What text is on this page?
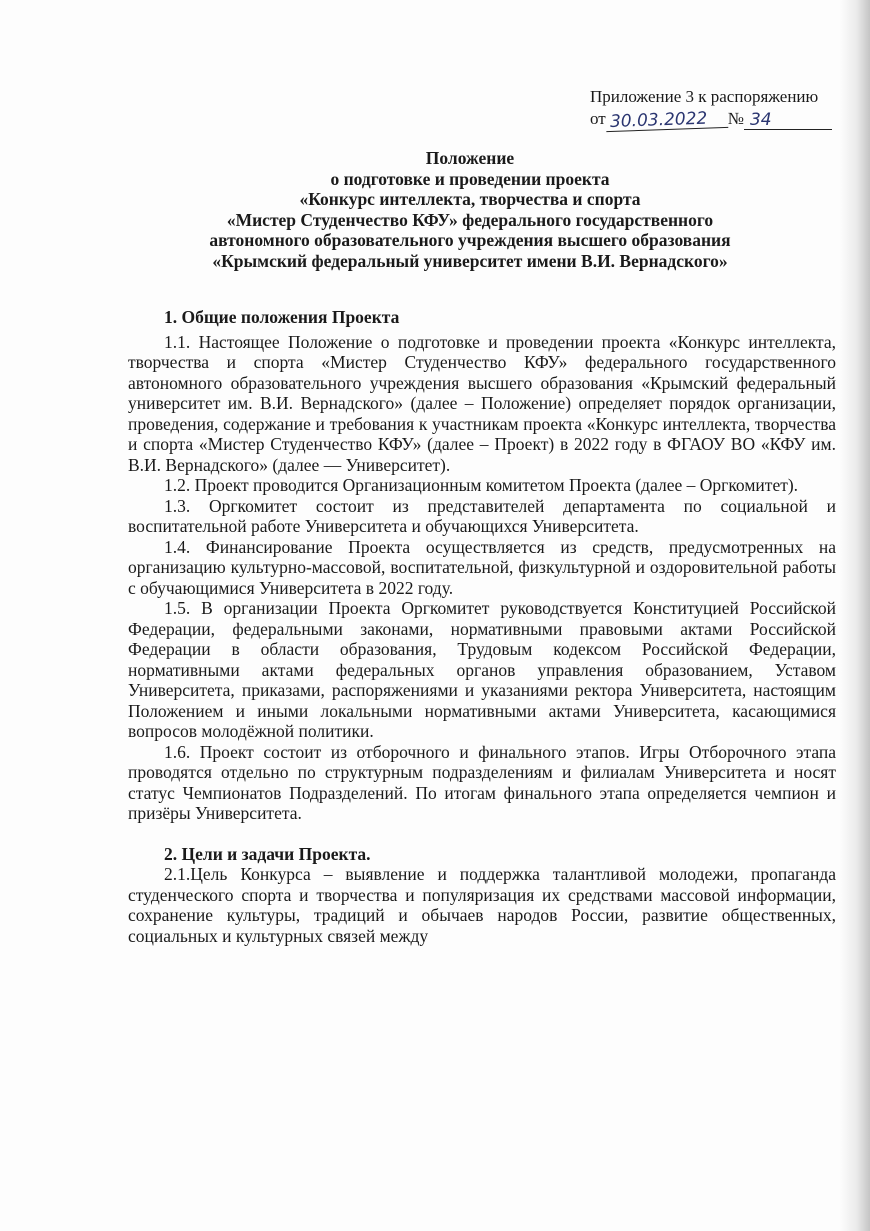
Приложение 3 к распоряжению
от 30.03.2022	№ 34
Положение
о подготовке и проведении проекта
«Конкурс интеллекта, творчества и спорта
«Мистер Студенчество КФУ» федерального государственного
автономного образовательного учреждения высшего образования
«Крымский федеральный университет имени В.И. Вернадского»

1. Общие положения Проекта

1.1. Настоящее Положение о подготовке и проведении проекта «Конкурс интеллекта, творчества и спорта «Мистер Студенчество КФУ» федерального государственного автономного образовательного учреждения высшего образования «Крымский федеральный университет им. В.И. Вернадского» (далее – Положение) определяет порядок организации, проведения, содержание и требования к участникам проекта «Конкурс интеллекта, творчества и спорта «Мистер Студенчество КФУ» (далее – Проект) в 2022 году в ФГАОУ ВО «КФУ им. В.И. Вернадского» (далее — Университет).

1.2. Проект проводится Организационным комитетом Проекта (далее – Оргкомитет).

1.3. Оргкомитет состоит из представителей департамента по социальной и воспитательной работе Университета и обучающихся Университета.

1.4. Финансирование Проекта осуществляется из средств, предусмотренных на организацию культурно-массовой, воспитательной, физкультурной и оздоровительной работы с обучающимися Университета в 2022 году.

1.5. В организации Проекта Оргкомитет руководствуется Конституцией Российской Федерации, федеральными законами, нормативными правовыми актами Российской Федерации в области образования, Трудовым кодексом Российской Федерации, нормативными актами федеральных органов управления образованием, Уставом Университета, приказами, распоряжениями и указаниями ректора Университета, настоящим Положением и иными локальными нормативными актами Университета, касающимися вопросов молодёжной политики.

1.6. Проект состоит из отборочного и финального этапов. Игры Отборочного этапа проводятся отдельно по структурным подразделениям и филиалам Университета и носят статус Чемпионатов Подразделений. По итогам финального этапа определяется чемпион и призёры Университета.

2. Цели и задачи Проекта.

2.1.Цель Конкурса – выявление и поддержка талантливой молодежи, пропаганда студенческого спорта и творчества и популяризация их средствами массовой информации, сохранение культуры, традиций и обычаев народов России, развитие общественных, социальных и культурных связей между
